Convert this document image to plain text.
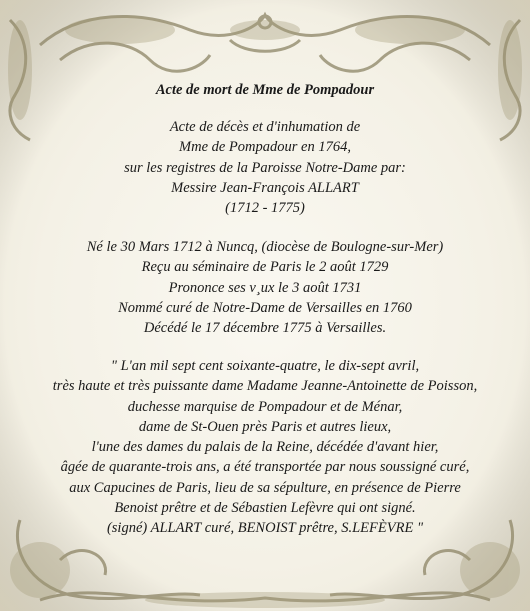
Acte de mort de Mme de Pompadour
Acte de décès et d'inhumation de
Mme de Pompadour en 1764,
sur les registres de la Paroisse Notre-Dame par:
Messire Jean-François ALLART
(1712 - 1775)
Né le 30 Mars 1712 à Nuncq, (diocèse de Boulogne-sur-Mer)
Reçu au séminaire de Paris le 2 août 1729
Prononce ses v¸ux le 3 août 1731
Nommé curé de Notre-Dame de Versailles en 1760
Décédé le 17 décembre 1775 à Versailles.
" L'an mil sept cent soixante-quatre, le dix-sept avril,
très haute et très puissante dame Madame Jeanne-Antoinette de Poisson,
duchesse marquise de Pompadour et de Ménar,
dame de St-Ouen près Paris et autres lieux,
l'une des dames du palais de la Reine, décédée d'avant hier,
âgée de quarante-trois ans, a été transportée par nous soussigné curé,
aux Capucines de Paris, lieu de sa sépulture, en présence de Pierre
Benoist prêtre et de Sébastien Lefèvre qui ont signé.
(signé) ALLART curé, BENOIST prêtre, S.LEFÈVRE "
